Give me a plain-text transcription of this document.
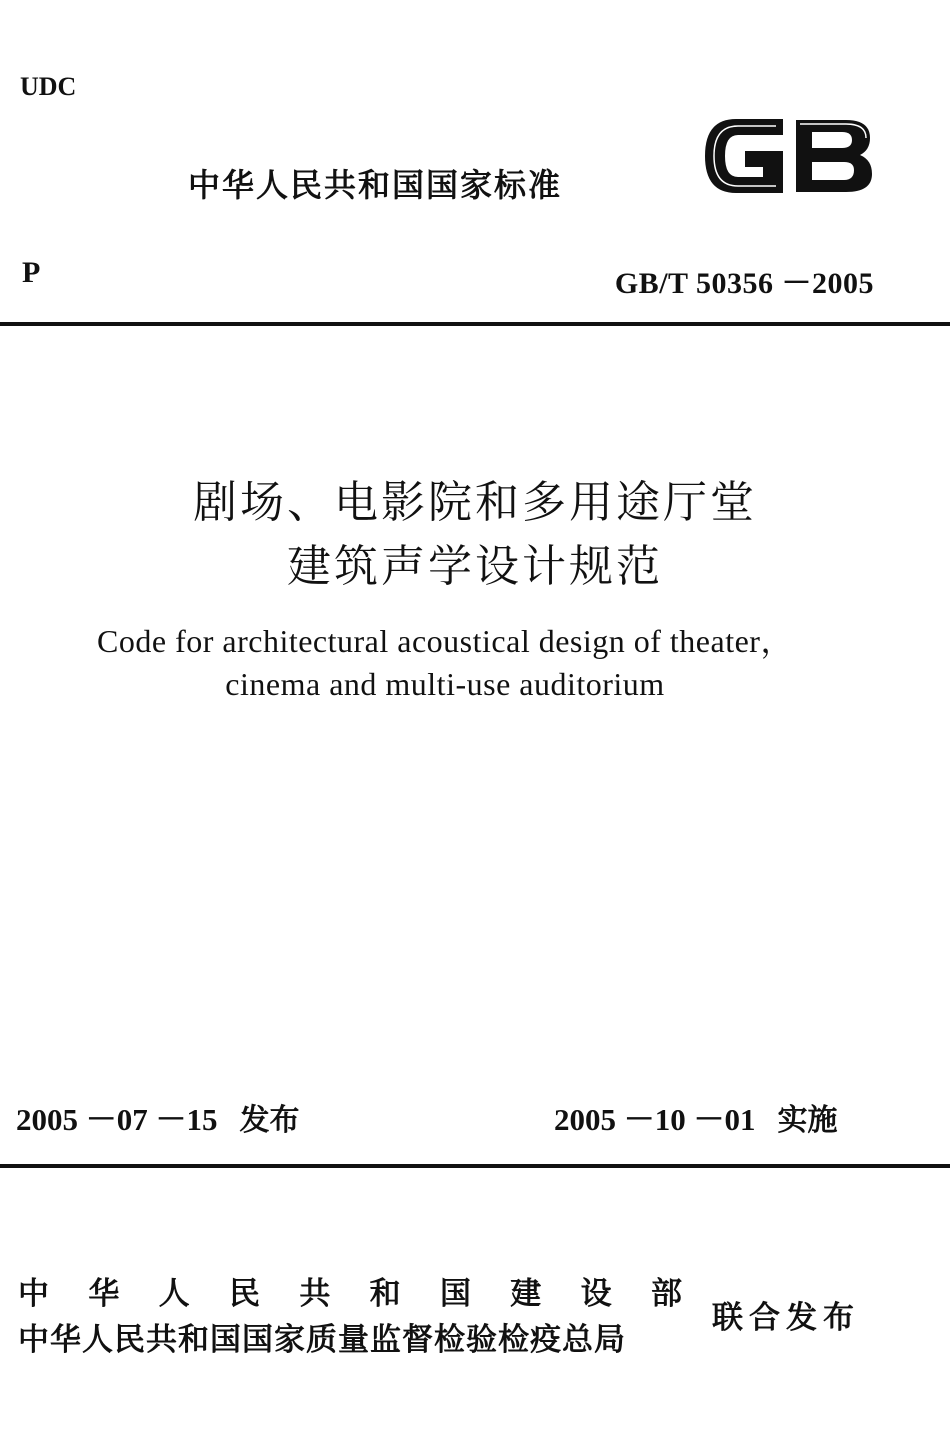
UDC
中华人民共和国国家标准
P	GB/T 50356 －2005
剧场、电影院和多用途厅堂
建筑声学设计规范
Code for architectural acoustical design of theater，
cinema and multi-use auditorium
2005 －07 －15 发布	2005 －10 －01 实施
中 华 人 民 共 和 国 建 设 部
中华人民共和国国家质量监督检验检疫总局
联合发布
